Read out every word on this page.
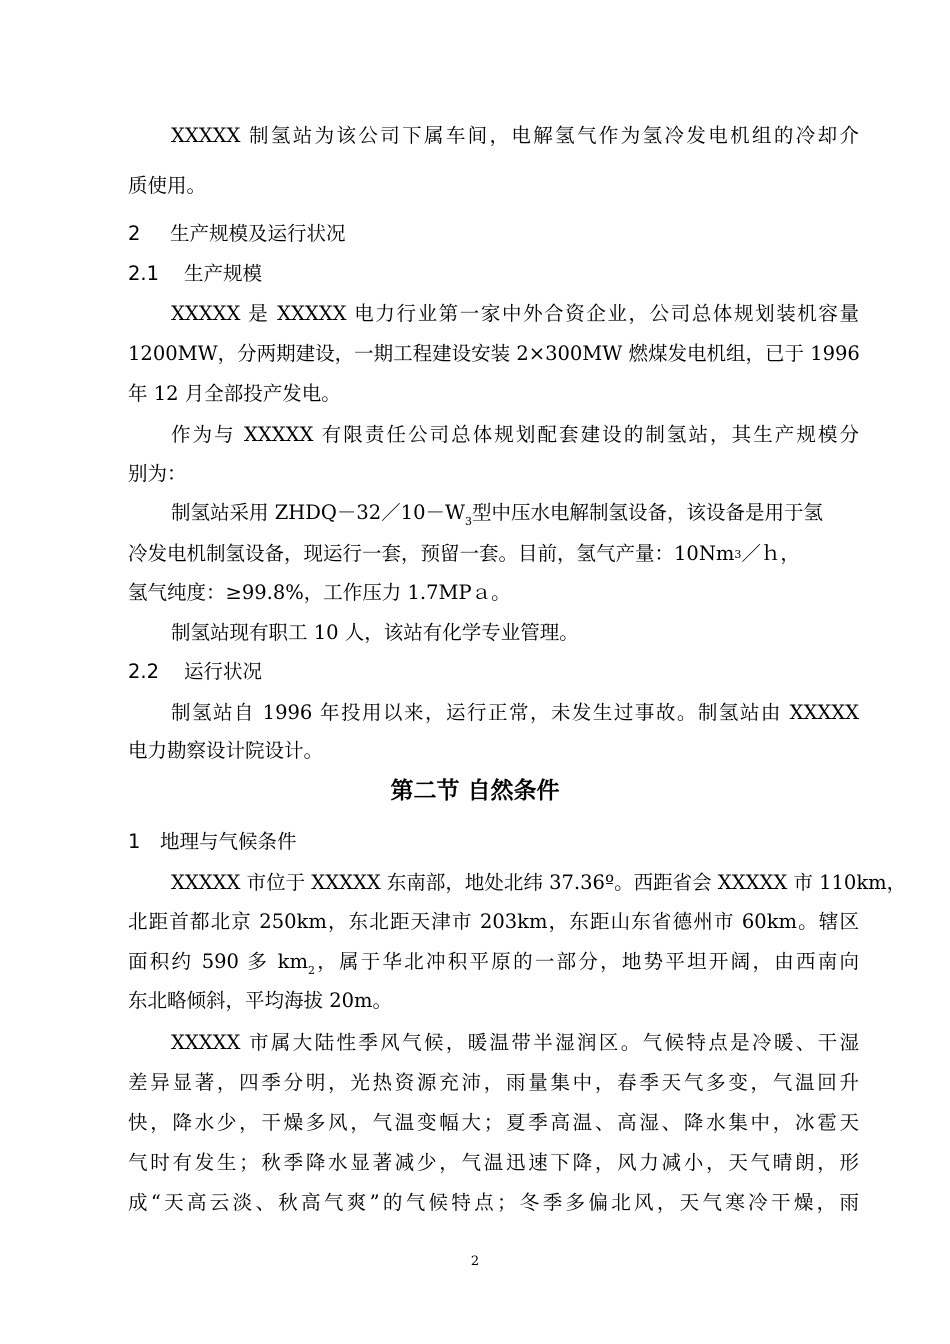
XXXXX 制氢站为该公司下属车间，电解氢气作为氢冷发电机组的冷却介
质使用。
2 生产规模及运行状况
2.1 生产规模
XXXXX 是 XXXXX 电力行业第一家中外合资企业，公司总体规划装机容量
1200MW，分两期建设，一期工程建设安装 2×300MW 燃煤发电机组，已于 1996
年 12 月全部投产发电。
作为与 XXXXX 有限责任公司总体规划配套建设的制氢站，其生产规模分
别为：
制氢站采用 $ZHDQ-32/10-W_3$型中压水电解制氢设备，该设备是用于氢
冷发电机制氢设备，现运行一套，预留一套。目前，氢气产量：10Nm3／ｈ，
氢气纯度：≥99.8%，工作压力 1.7MPａ。
制氢站现有职工 10 人，该站有化学专业管理。
2.2 运行状况
制氢站自 1996 年投用以来，运行正常，未发生过事故。制氢站由 XXXXX
电力勘察设计院设计。
第二节 自然条件
1 地理与气候条件
XXXXX 市位于 XXXXX 东南部，地处北纬 37.36º。西距省会 XXXXX 市 110km，
北距首都北京 250km，东北距天津市 203km，东距山东省德州市 60km。辖区
面积约 590 多 $km_2$，属于华北冲积平原的一部分，地势平坦开阔，由西南向
东北略倾斜，平均海拔 20m。
XXXXX 市属大陆性季风气候，暖温带半湿润区。气候特点是冷暖、干湿
差异显著，四季分明，光热资源充沛，雨量集中，春季天气多变，气温回升
快，降水少，干燥多风，气温变幅大；夏季高温、高湿、降水集中，冰雹天
气时有发生；秋季降水显著减少，气温迅速下降，风力减小，天气晴朗，形
成“天高云淡、秋高气爽”的气候特点；冬季多偏北风，天气寒冷干燥，雨
2
